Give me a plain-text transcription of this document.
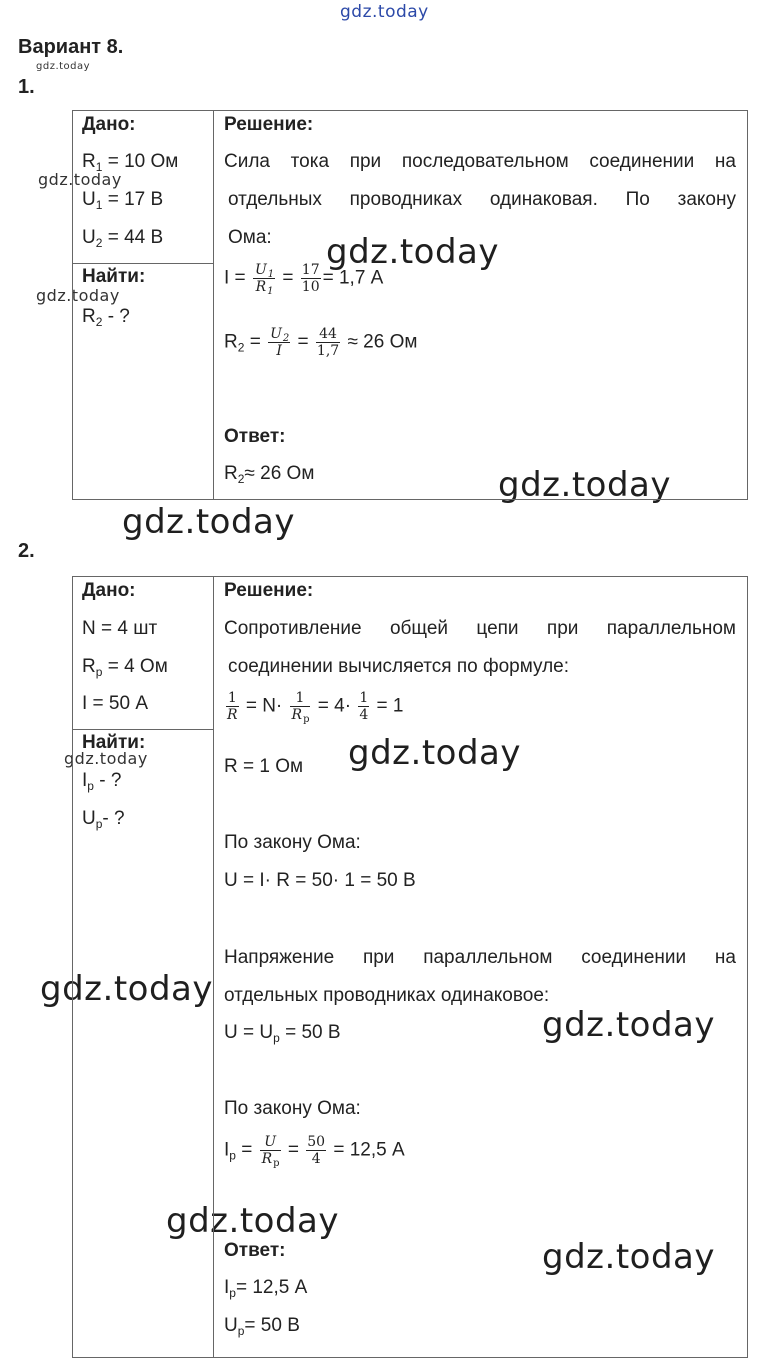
gdz.today
gdz.today
gdz.today
gdz.today
gdz.today
gdz.today
gdz.today
gdz.today	gdz.today
gdz.today
gdz.today
gdz.today
gdz.today
Вариант 8.
1.
Дано:
$R_1 = 10$ Ом
$U_1 = 17$ В
$U_2 = 44$ В
Найти:
$R_2$ - ?
Решение:
Сила тока при последовательном соединении на
отдельных проводниках одинаковая. По закону
Ома:
$I = \frac{U_1}{R_1} = \frac{17}{10} = 1,7$ А
$R_2 = \frac{U_2}{I} = \frac{44}{1,7} \approx 26$ Ом
Ответ:
$R_2\approx 26$ Ом
2.
Дано:
N = 4 шт
$R_р = 4$ Ом
I = 50 А
Найти:
$I_р$ - ?
$U_р-$ ?
Решение:
Сопротивление общей цепи при параллельном
соединении вычисляется по формуле:
$\frac{1}{R} = N\cdot \frac{1}{R_р} = 4\cdot \frac{1}{4} = 1$
R = 1 Ом
По закону Ома:
U = I· R = 50· 1 = 50 В
Напряжение при параллельном соединении на
отдельных проводниках одинаковое:
$U = U_р = 50$ В
По закону Ома:
$I_р = \frac{U}{R_р} = \frac{50}{4} = 12,5$ А
Ответ:
$I_р= 12,5$ А
$U_р= 50$ В
